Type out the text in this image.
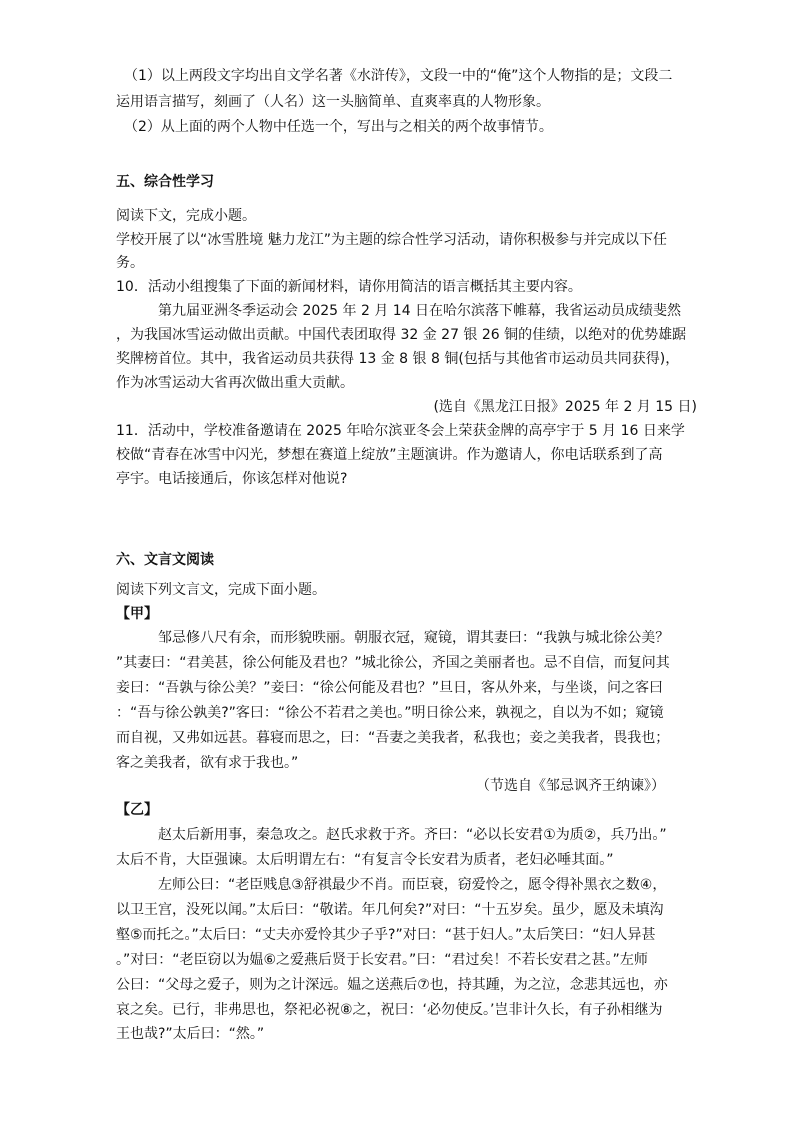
（1）以上两段文字均出自文学名著《水浒传》，文段一中的“俺”这个人物指的是；文段二
运用语言描写，刻画了（人名）这一头脑简单、直爽率真的人物形象。
（2）从上面的两个人物中任选一个，写出与之相关的两个故事情节。
五、综合性学习
阅读下文，完成小题。
学校开展了以“冰雪胜境 魅力龙江”为主题的综合性学习活动，请你积极参与并完成以下任
务。
10．活动小组搜集了下面的新闻材料，请你用简洁的语言概括其主要内容。
第九届亚洲冬季运动会 2025 年 2 月 14 日在哈尔滨落下帷幕，我省运动员成绩斐然
，为我国冰雪运动做出贡献。中国代表团取得 32 金 27 银 26 铜的佳绩，以绝对的优势雄踞
奖牌榜首位。其中，我省运动员共获得 13 金 8 银 8 铜(包括与其他省市运动员共同获得)，
作为冰雪运动大省再次做出重大贡献。
(选自《黑龙江日报》2025 年 2 月 15 日)
11．活动中，学校准备邀请在 2025 年哈尔滨亚冬会上荣获金牌的高亭宇于 5 月 16 日来学
校做“青春在冰雪中闪光，梦想在赛道上绽放”主题演讲。作为邀请人，你电话联系到了高
亭宇。电话接通后，你该怎样对他说?
六、文言文阅读
阅读下列文言文，完成下面小题。
【甲】
邹忌修八尺有余，而形貌昳丽。朝服衣冠，窥镜，谓其妻曰：“我孰与城北徐公美？
”其妻曰：“君美甚，徐公何能及君也？”城北徐公，齐国之美丽者也。忌不自信，而复问其
妾曰：“吾孰与徐公美？”妾曰：“徐公何能及君也？”旦日，客从外来，与坐谈，问之客曰
：“吾与徐公孰美?”客曰：“徐公不若君之美也。”明日徐公来，孰视之，自以为不如；窥镜
而自视，又弗如远甚。暮寝而思之，曰：“吾妻之美我者，私我也；妾之美我者，畏我也；
客之美我者，欲有求于我也。”
（节选自《邹忌讽齐王纳谏》）
【乙】
赵太后新用事，秦急攻之。赵氏求救于齐。齐曰：“必以长安君①为质②，兵乃出。”
太后不肯，大臣强谏。太后明谓左右：“有复言令长安君为质者，老妇必唾其面。”
左师公曰：“老臣贱息③舒祺最少不肖。而臣衰，窃爱怜之，愿令得补黑衣之数④，
以卫王宫，没死以闻。”太后曰：“敬诺。年几何矣?”对曰：“十五岁矣。虽少，愿及未填沟
壑⑤而托之。”太后曰：“丈夫亦爱怜其少子乎?”对曰：“甚于妇人。”太后笑曰：“妇人异甚
。”对曰：“老臣窃以为媪⑥之爱燕后贤于长安君。”曰：“君过矣！不若长安君之甚。”左师
公曰：“父母之爱子，则为之计深远。媪之送燕后⑦也，持其踵，为之泣，念悲其远也，亦
哀之矣。已行，非弗思也，祭祀必祝⑧之，祝曰：‘必勿使反。’岂非计久长，有子孙相继为
王也哉?”太后曰：“然。”
